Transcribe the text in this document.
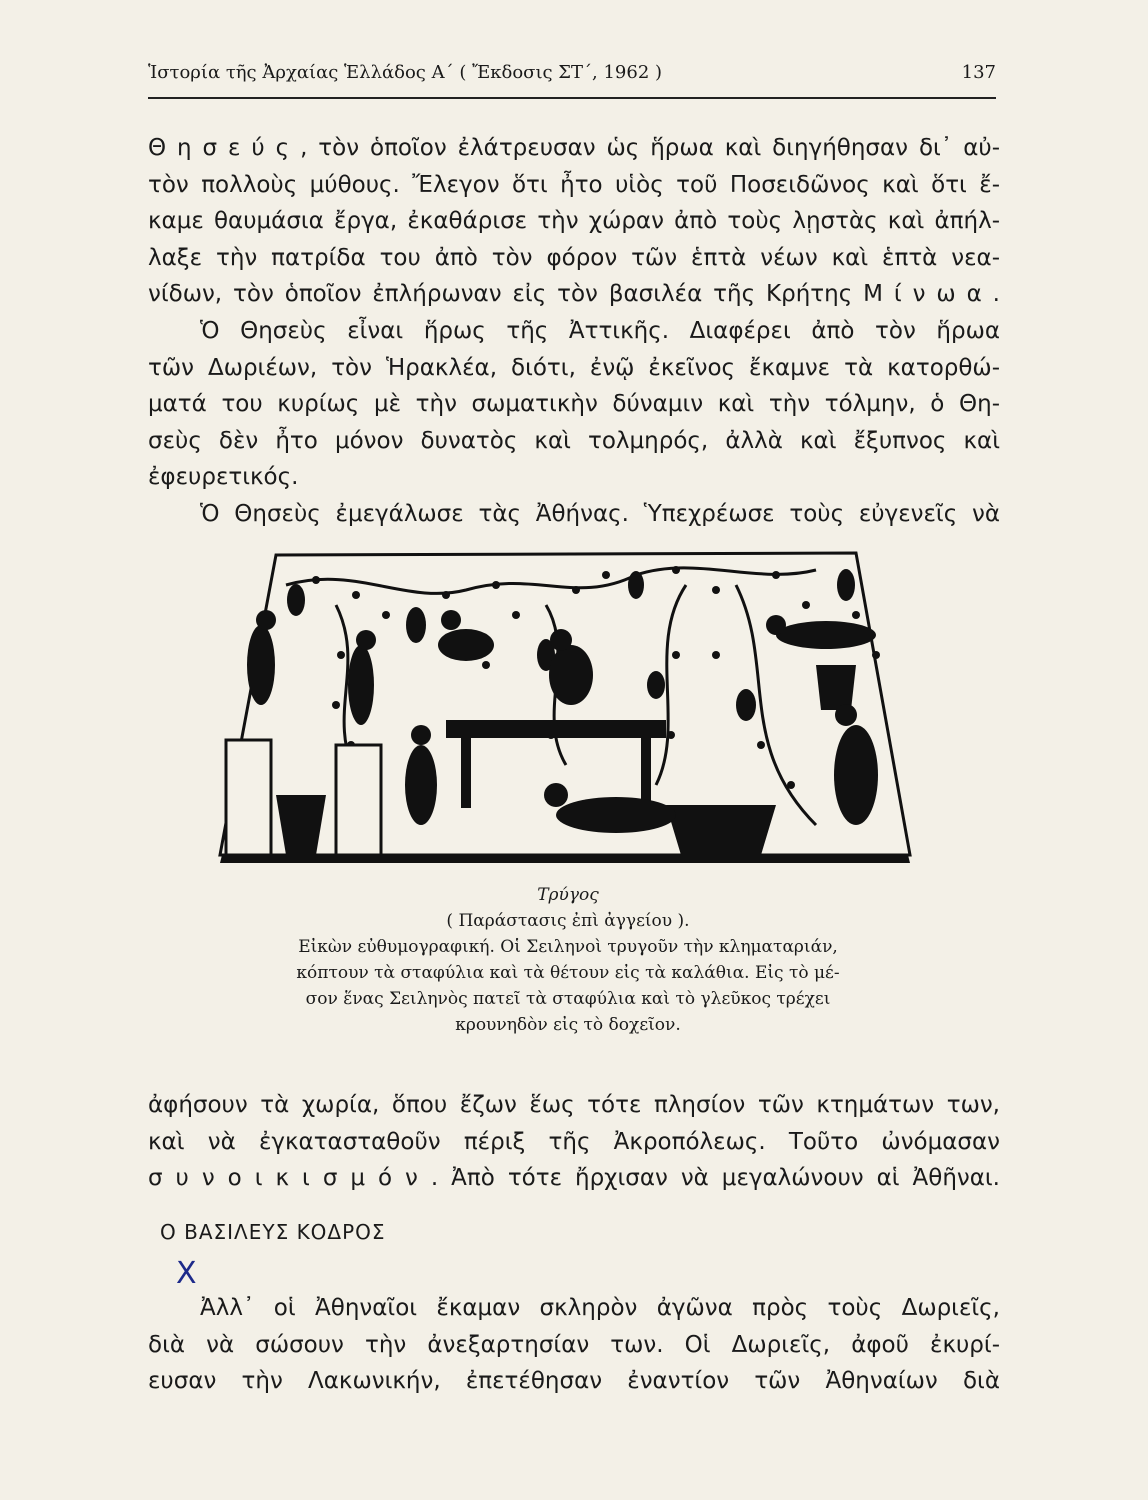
Ἱστορία τῆς Ἀρχαίας Ἑλλάδος Α΄ ( Ἔκδοσις ΣΤ΄, 1962 )	137
Θ η σ ε ύ ς , τὸν ὁποῖον ἐλάτρευσαν ὡς ἥρωα καὶ διηγήθησαν δι᾽ αὐ-
τὸν πολλοὺς μύθους. Ἔλεγον ὅτι ἦτο υἱὸς τοῦ Ποσειδῶνος καὶ ὅτι ἔ-
καμε θαυμάσια ἔργα, ἐκαθάρισε τὴν χώραν ἀπὸ τοὺς λῃστὰς καὶ ἀπήλ-
λαξε τὴν πατρίδα του ἀπὸ τὸν φόρον τῶν ἑπτὰ νέων καὶ ἑπτὰ νεα-
νίδων, τὸν ὁποῖον ἐπλήρωναν εἰς τὸν βασιλέα τῆς Κρήτης Μ ί ν ω α .
Ὁ Θησεὺς εἶναι ἥρως τῆς Ἀττικῆς. Διαφέρει ἀπὸ τὸν ἥρωα
τῶν Δωριέων, τὸν Ἡρακλέα, διότι, ἐνῷ ἐκεῖνος ἔκαμνε τὰ κατορθώ-
ματά του κυρίως μὲ τὴν σωματικὴν δύναμιν καὶ τὴν τόλμην, ὁ Θη-
σεὺς δὲν ἦτο μόνον δυνατὸς καὶ τολμηρός, ἀλλὰ καὶ ἔξυπνος καὶ
ἐφευρετικός.
Ὁ Θησεὺς ἐμεγάλωσε τὰς Ἀθήνας. Ὑπεχρέωσε τοὺς εὐγενεῖς νὰ
Τρύγος
( Παράστασις ἐπὶ ἀγγείου ).
Εἰκὼν εὐθυμογραφική. Οἱ Σειληνοὶ τρυγοῦν τὴν κληματαριάν,
κόπτουν τὰ σταφύλια καὶ τὰ θέτουν εἰς τὰ καλάθια. Εἰς τὸ μέ-
σον ἕνας Σειληνὸς πατεῖ τὰ σταφύλια καὶ τὸ γλεῦκος τρέχει
κρουνηδὸν εἰς τὸ δοχεῖον.
ἀφήσουν τὰ χωρία, ὅπου ἔζων ἕως τότε πλησίον τῶν κτημάτων των,
καὶ νὰ ἐγκατασταθοῦν πέριξ τῆς Ἀκροπόλεως. Τοῦτο ὠνόμασαν
σ υ ν ο ι κ ι σ μ ό ν . Ἀπὸ τότε ἤρχισαν νὰ μεγαλώνουν αἱ Ἀθῆναι.
Ο ΒΑΣΙΛΕΥΣ ΚΟΔΡΟΣ
X
Ἀλλ᾽ οἱ Ἀθηναῖοι ἔκαμαν σκληρὸν ἀγῶνα πρὸς τοὺς Δωριεῖς,
διὰ νὰ σώσουν τὴν ἀνεξαρτησίαν των. Οἱ Δωριεῖς, ἀφοῦ ἐκυρί-
ευσαν τὴν Λακωνικήν, ἐπετέθησαν ἐναντίον τῶν Ἀθηναίων διὰ
